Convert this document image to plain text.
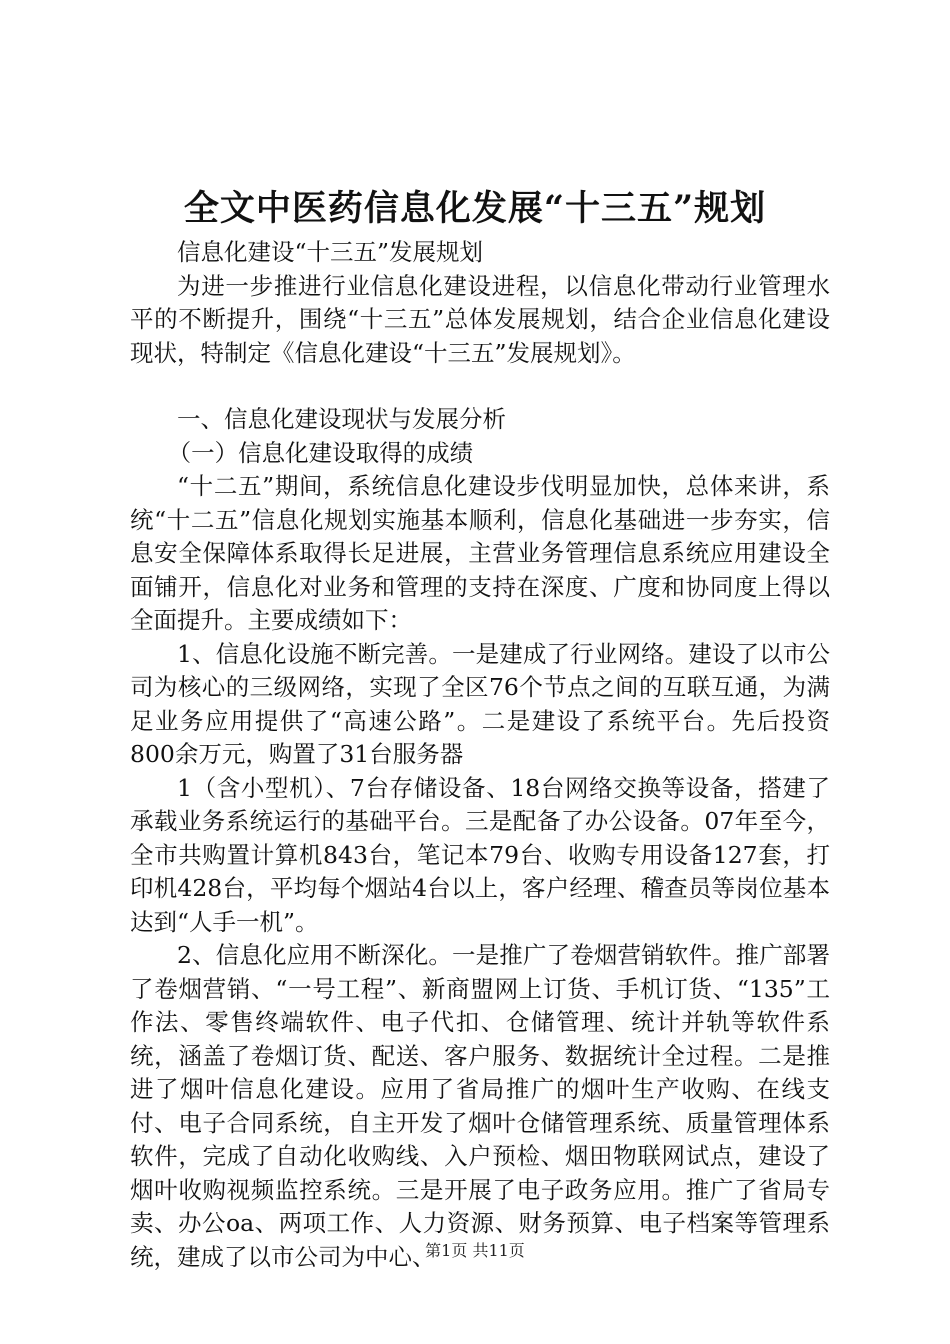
全文中医药信息化发展“十三五”规划

信息化建设“十三五”发展规划

为进一步推进行业信息化建设进程，以信息化带动行业管理水平的不断提升，围绕“十三五”总体发展规划，结合企业信息化建设现状，特制定《信息化建设“十三五”发展规划》。

一、信息化建设现状与发展分析

（一）信息化建设取得的成绩

“十二五”期间，系统信息化建设步伐明显加快，总体来讲，系统“十二五”信息化规划实施基本顺利，信息化基础进一步夯实，信息安全保障体系取得长足进展，主营业务管理信息系统应用建设全面铺开，信息化对业务和管理的支持在深度、广度和协同度上得以全面提升。主要成绩如下：

1、信息化设施不断完善。一是建成了行业网络。建设了以市公司为核心的三级网络，实现了全区76个节点之间的互联互通，为满足业务应用提供了“高速公路”。二是建设了系统平台。先后投资800余万元，购置了31台服务器

1（含小型机）、7台存储设备、18台网络交换等设备，搭建了承载业务系统运行的基础平台。三是配备了办公设备。07年至今，全市共购置计算机843台，笔记本79台、收购专用设备127套，打印机428台，平均每个烟站4台以上，客户经理、稽查员等岗位基本达到“人手一机”。

2、信息化应用不断深化。一是推广了卷烟营销软件。推广部署了卷烟营销、“一号工程”、新商盟网上订货、手机订货、“135”工作法、零售终端软件、电子代扣、仓储管理、统计并轨等软件系统，涵盖了卷烟订货、配送、客户服务、数据统计全过程。二是推进了烟叶信息化建设。应用了省局推广的烟叶生产收购、在线支付、电子合同系统，自主开发了烟叶仓储管理系统、质量管理体系软件，完成了自动化收购线、入户预检、烟田物联网试点，建设了烟叶收购视频监控系统。三是开展了电子政务应用。推广了省局专卖、办公oa、两项工作、人力资源、财务预算、电子档案等管理系统，建成了以市公司为中心、

第1页 共11页
